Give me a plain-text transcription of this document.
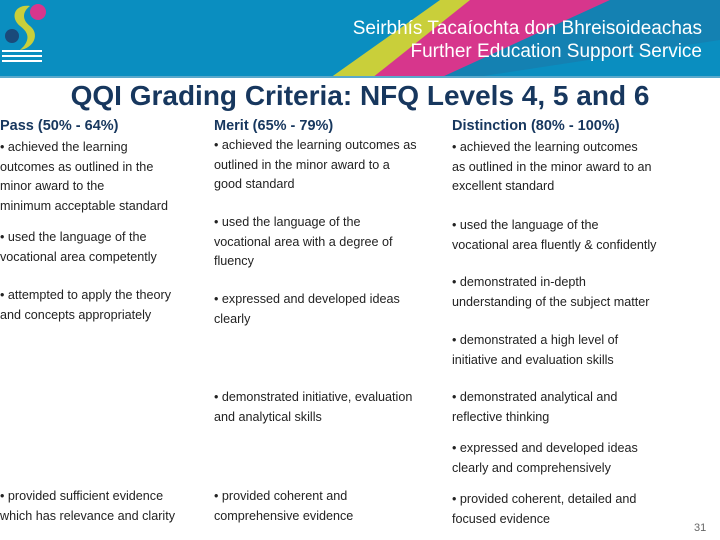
Seirbhís Tacaíochta don Bhreisoideachas
Further Education Support Service
QQI Grading Criteria: NFQ Levels 4, 5 and 6
Pass (50% - 64%)	Merit (65% - 79%)	Distinction (80% - 100%)
• achieved the learning
outcomes as outlined in the
minor award to the
minimum acceptable standard
• used the language of the
vocational area competently
• attempted to apply the theory
and concepts appropriately
• provided sufficient evidence
which has relevance and clarity
• achieved the learning outcomes as
outlined in the minor award to a
good standard
• used the language of the
vocational area with a degree of
fluency
• expressed and developed ideas
clearly
• demonstrated initiative, evaluation
and analytical skills
• provided coherent and
comprehensive evidence
• achieved the learning outcomes
as outlined in the minor award to an
excellent standard
• used the language of the
vocational area fluently & confidently
• demonstrated in-depth
understanding of the subject matter
• demonstrated a high level of
initiative and evaluation skills
• demonstrated analytical and
reflective thinking
• expressed and developed ideas
clearly and comprehensively
• provided coherent, detailed and
focused evidence
31
